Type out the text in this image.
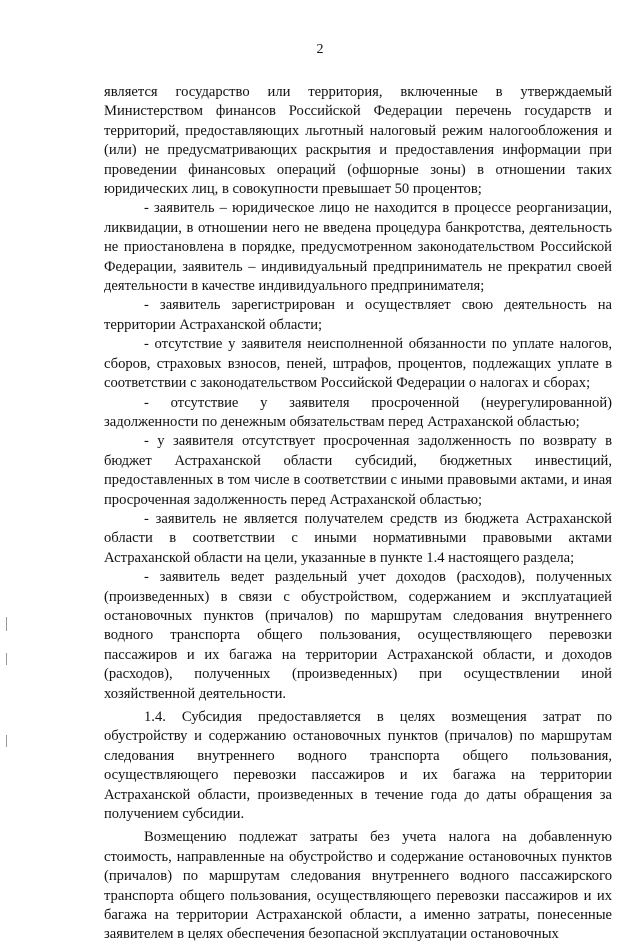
2

является государство или территория, включенные в утверждаемый Министерством финансов Российской Федерации перечень государств и территорий, предоставляющих льготный налоговый режим налогообложения и (или) не предусматривающих раскрытия и предоставления информации при проведении финансовых операций (офшорные зоны) в отношении таких юридических лиц, в совокупности превышает 50 процентов;

- заявитель – юридическое лицо не находится в процессе реорганизации, ликвидации, в отношении него не введена процедура банкротства, деятельность не приостановлена в порядке, предусмотренном законодательством Российской Федерации, заявитель – индивидуальный предприниматель не прекратил своей деятельности в качестве индивидуального предпринимателя;

- заявитель зарегистрирован и осуществляет свою деятельность на территории Астраханской области;

- отсутствие у заявителя неисполненной обязанности по уплате налогов, сборов, страховых взносов, пеней, штрафов, процентов, подлежащих уплате в соответствии с законодательством Российской Федерации о налогах и сборах;

- отсутствие у заявителя просроченной (неурегулированной) задолженности по денежным обязательствам перед Астраханской областью;

- у заявителя отсутствует просроченная задолженность по возврату в бюджет Астраханской области субсидий, бюджетных инвестиций, предоставленных в том числе в соответствии с иными правовыми актами, и иная просроченная задолженность перед Астраханской областью;

- заявитель не является получателем средств из бюджета Астраханской области в соответствии с иными нормативными правовыми актами Астраханской области на цели, указанные в пункте 1.4 настоящего раздела;

- заявитель ведет раздельный учет доходов (расходов), полученных (произведенных) в связи с обустройством, содержанием и эксплуатацией остановочных пунктов (причалов) по маршрутам следования внутреннего водного транспорта общего пользования, осуществляющего перевозки пассажиров и их багажа на территории Астраханской области, и доходов (расходов), полученных (произведенных) при осуществлении иной хозяйственной деятельности.

1.4. Субсидия предоставляется в целях возмещения затрат по обустройству и содержанию остановочных пунктов (причалов) по маршрутам следования внутреннего водного транспорта общего пользования, осуществляющего перевозки пассажиров и их багажа на территории Астраханской области, произведенных в течение года до даты обращения за получением субсидии.

Возмещению подлежат затраты без учета налога на добавленную стоимость, направленные на обустройство и содержание остановочных пунктов (причалов) по маршрутам следования внутреннего водного пассажирского транспорта общего пользования, осуществляющего перевозки пассажиров и их багажа на территории Астраханской области, а именно затраты, понесенные заявителем в целях обеспечения безопасной эксплуатации остановочных
